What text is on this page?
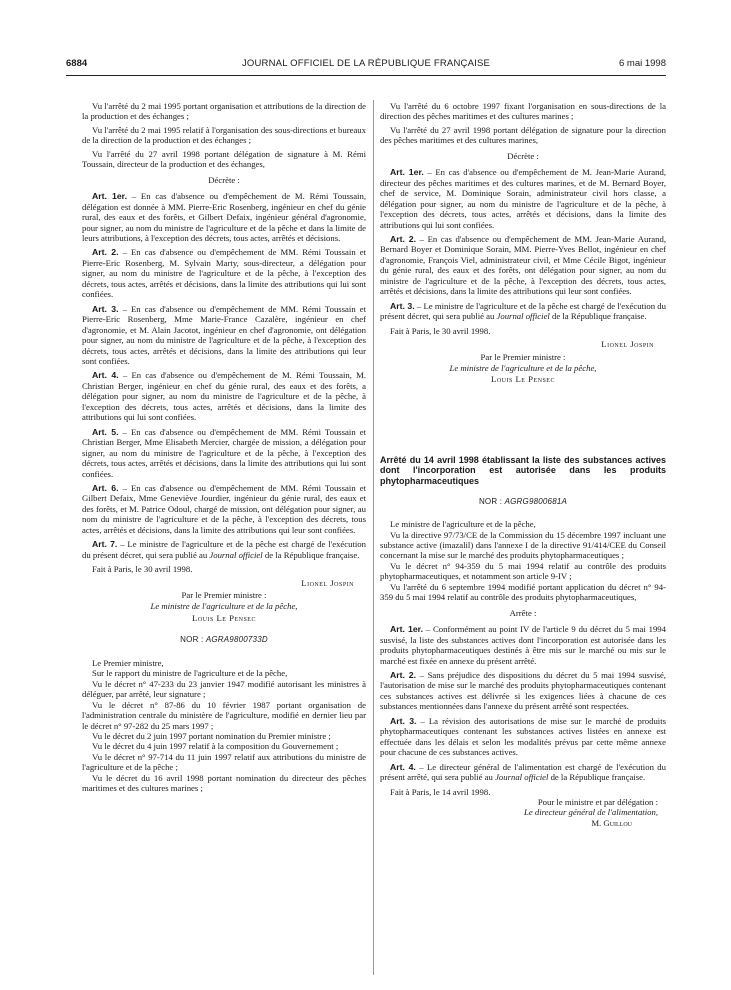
6884	JOURNAL OFFICIEL DE LA RÉPUBLIQUE FRANÇAISE	6 mai 1998

Vu l'arrêté du 2 mai 1995 portant organisation et attributions de la direction de la production et des échanges ;

Vu l'arrêté du 2 mai 1995 relatif à l'organisation des sous-directions et bureaux de la direction de la production et des échanges ;

Vu l'arrêté du 27 avril 1998 portant délégation de signature à M. Rémi Toussain, directeur de la production et des échanges,

Décrète :

Art. 1er. – En cas d'absence ou d'empêchement de M. Rémi Toussain, délégation est donnée à MM. Pierre-Eric Rosenberg, ingénieur en chef du génie rural, des eaux et des forêts, et Gilbert Defaix, ingénieur général d'agronomie, pour signer, au nom du ministre de l'agriculture et de la pêche et dans la limite de leurs attributions, à l'exception des décrets, tous actes, arrêtés et décisions.

Art. 2. – En cas d'absence ou d'empêchement de MM. Rémi Toussain et Pierre-Eric Rosenberg, M. Sylvain Marty, sous-directeur, a délégation pour signer, au nom du ministre de l'agriculture et de la pêche, à l'exception des décrets, tous actes, arrêtés et décisions, dans la limite des attributions qui lui sont confiées.

Art. 3. – En cas d'absence ou d'empêchement de MM. Rémi Toussain et Pierre-Eric Rosenberg, Mme Marie-France Cazalère, ingénieur en chef d'agronomie, et M. Alain Jacotot, ingénieur en chef d'agronomie, ont délégation pour signer, au nom du ministre de l'agriculture et de la pêche, à l'exception des décrets, tous actes, arrêtés et décisions, dans la limite des attributions qui leur sont confiées.

Art. 4. – En cas d'absence ou d'empêchement de M. Rémi Toussain, M. Christian Berger, ingénieur en chef du génie rural, des eaux et des forêts, a délégation pour signer, au nom du ministre de l'agriculture et de la pêche, à l'exception des décrets, tous actes, arrêtés et décisions, dans la limite des attributions qui lui sont confiées.

Art. 5. – En cas d'absence ou d'empêchement de MM. Rémi Toussain et Christian Berger, Mme Elisabeth Mercier, chargée de mission, a délégation pour signer, au nom du ministre de l'agriculture et de la pêche, à l'exception des décrets, tous actes, arrêtés et décisions, dans la limite des attributions qui lui sont confiées.

Art. 6. – En cas d'absence ou d'empêchement de MM. Rémi Toussain et Gilbert Defaix, Mme Geneviève Jourdier, ingénieur du génie rural, des eaux et des forêts, et M. Patrice Odoul, chargé de mission, ont délégation pour signer, au nom du ministre de l'agriculture et de la pêche, à l'exception des décrets, tous actes, arrêtés et décisions, dans la limite des attributions qui leur sont confiées.

Art. 7. – Le ministre de l'agriculture et de la pêche est chargé de l'exécution du présent décret, qui sera publié au Journal officiel de la République française.

Fait à Paris, le 30 avril 1998.

Lionel Jospin

Par le Premier ministre :

Le ministre de l'agriculture et de la pêche,

Louis Le Pensec

NOR : AGRA9800733D

Le Premier ministre,

Sur le rapport du ministre de l'agriculture et de la pêche,

Vu le décret n° 47-233 du 23 janvier 1947 modifié autorisant les ministres à déléguer, par arrêté, leur signature ;

Vu le décret n° 87-86 du 10 février 1987 portant organisation de l'administration centrale du ministère de l'agriculture, modifié en dernier lieu par le décret n° 97-282 du 25 mars 1997 ;

Vu le décret du 2 juin 1997 portant nomination du Premier ministre ;

Vu le décret du 4 juin 1997 relatif à la composition du Gouvernement ;

Vu le décret n° 97-714 du 11 juin 1997 relatif aux attributions du ministre de l'agriculture et de la pêche ;

Vu le décret du 16 avril 1998 portant nomination du directeur des pêches maritimes et des cultures marines ;

Vu l'arrêté du 6 octobre 1997 fixant l'organisation en sous-directions de la direction des pêches maritimes et des cultures marines ;

Vu l'arrêté du 27 avril 1998 portant délégation de signature pour la direction des pêches maritimes et des cultures marines,

Décrète :

Art. 1er. – En cas d'absence ou d'empêchement de M. Jean-Marie Aurand, directeur des pêches maritimes et des cultures marines, et de M. Bernard Boyer, chef de service, M. Dominique Sorain, administrateur civil hors classe, a délégation pour signer, au nom du ministre de l'agriculture et de la pêche, à l'exception des décrets, tous actes, arrêtés et décisions, dans la limite des attributions qui lui sont confiées.

Art. 2. – En cas d'absence ou d'empêchement de MM. Jean-Marie Aurand, Bernard Boyer et Dominique Sorain, MM. Pierre-Yves Bellot, ingénieur en chef d'agronomie, François Viel, administrateur civil, et Mme Cécile Bigot, ingénieur du génie rural, des eaux et des forêts, ont délégation pour signer, au nom du ministre de l'agriculture et de la pêche, à l'exception des décrets, tous actes, arrêtés et décisions, dans la limite des attributions qui leur sont confiées.

Art. 3. – Le ministre de l'agriculture et de la pêche est chargé de l'exécution du présent décret, qui sera publié au Journal officiel de la République française.

Fait à Paris, le 30 avril 1998.

Lionel Jospin

Par le Premier ministre :

Le ministre de l'agriculture et de la pêche,

Louis Le Pensec

Arrêté du 14 avril 1998 établissant la liste des substances actives dont l'incorporation est autorisée dans les produits phytopharmaceutiques

NOR : AGRG9800681A

Le ministre de l'agriculture et de la pêche,

Vu la directive 97/73/CE de la Commission du 15 décembre 1997 incluant une substance active (imazalil) dans l'annexe I de la directive 91/414/CEE du Conseil concernant la mise sur le marché des produits phytopharmaceutiques ;

Vu le décret n° 94-359 du 5 mai 1994 relatif au contrôle des produits phytopharmaceutiques, et notamment son article 9-IV ;

Vu l'arrêté du 6 septembre 1994 modifié portant application du décret n° 94-359 du 5 mai 1994 relatif au contrôle des produits phytopharmaceutiques,

Arrête :

Art. 1er. – Conformément au point IV de l'article 9 du décret du 5 mai 1994 susvisé, la liste des substances actives dont l'incorporation est autorisée dans les produits phytopharmaceutiques destinés à être mis sur le marché ou mis sur le marché est fixée en annexe du présent arrêté.

Art. 2. – Sans préjudice des dispositions du décret du 5 mai 1994 susvisé, l'autorisation de mise sur le marché des produits phytopharmaceutiques contenant ces substances actives est délivrée si les exigences liées à chacune de ces substances mentionnées dans l'annexe du présent arrêté sont respectées.

Art. 3. – La révision des autorisations de mise sur le marché de produits phytopharmaceutiques contenant les substances actives listées en annexe est effectuée dans les délais et selon les modalités prévus par cette même annexe pour chacune de ces substances actives.

Art. 4. – Le directeur général de l'alimentation est chargé de l'exécution du présent arrêté, qui sera publié au Journal officiel de la République française.

Fait à Paris, le 14 avril 1998.

Pour le ministre et par délégation :

Le directeur général de l'alimentation,

M. Guillou
